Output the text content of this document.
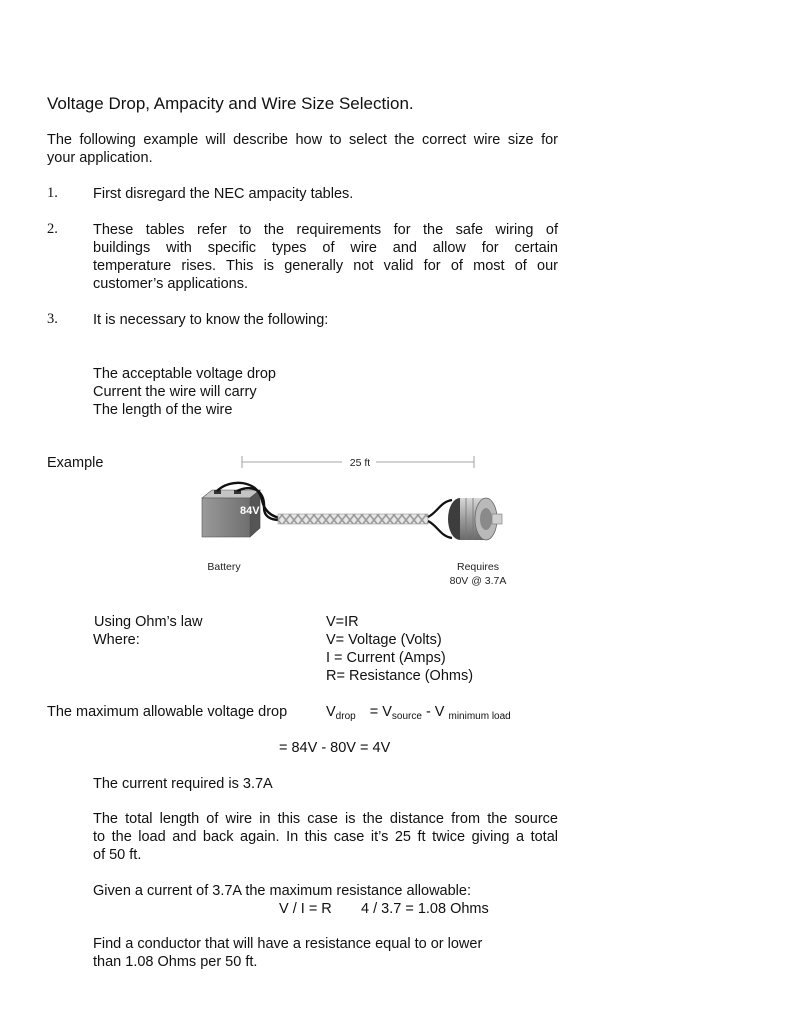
Voltage Drop, Ampacity and Wire Size Selection.
The following example will describe how to select the correct wire size for
your application.
1. First disregard the NEC ampacity tables.
2. These tables refer to the requirements for the safe wiring of
buildings with specific types of wire and allow for certain
temperature rises. This is generally not valid for of most of our
customer’s applications.
3. It is necessary to know the following:
The acceptable voltage drop
Current the wire will carry
The length of the wire
Example	25 ft
84V
Battery	Requires
80V @ 3.7A
Using Ohm’s law	V=IR
Where:	V= Voltage (Volts)
I = Current (Amps)
R= Resistance (Ohms)
The maximum allowable voltage drop	$V_{drop} = V_{source} - V$ $_{minimum load}$
= 84V - 80V = 4V
The current required is 3.7A
The total length of wire in this case is the distance from the source
to the load and back again. In this case it’s 25 ft twice giving a total
of 50 ft.
Given a current of 3.7A the maximum resistance allowable:
V / I = R 4 / 3.7 = 1.08 Ohms
Find a conductor that will have a resistance equal to or lower
than 1.08 Ohms per 50 ft.
